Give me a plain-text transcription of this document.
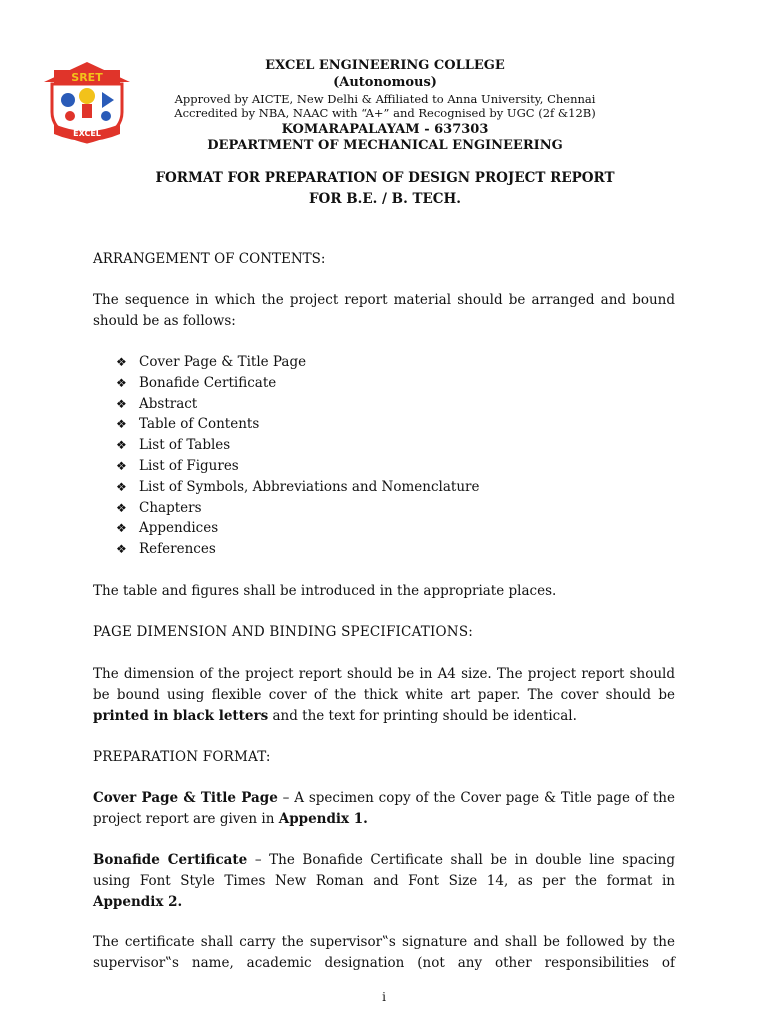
SRET
EXCEL

EXCEL ENGINEERING COLLEGE

(Autonomous)

Approved by AICTE, New Delhi & Affiliated to Anna University, Chennai

Accredited by NBA, NAAC with “A+” and Recognised by UGC (2f &12B)

KOMARAPALAYAM - 637303

DEPARTMENT OF MECHANICAL ENGINEERING

FORMAT FOR PREPARATION OF DESIGN PROJECT REPORT

FOR B.E. / B. TECH.

ARRANGEMENT OF CONTENTS:

The sequence in which the project report material should be arranged and bound should be as follows:

❖ Cover Page & Title Page
❖ Bonafide Certificate
❖ Abstract
❖ Table of Contents
❖ List of Tables
❖ List of Figures
❖ List of Symbols, Abbreviations and Nomenclature
❖ Chapters
❖ Appendices
❖ References

The table and figures shall be introduced in the appropriate places.

PAGE DIMENSION AND BINDING SPECIFICATIONS:

The dimension of the project report should be in A4 size. The project report should be bound using flexible cover of the thick white art paper. The cover should be printed in black letters and the text for printing should be identical.

PREPARATION FORMAT:

Cover Page & Title Page – A specimen copy of the Cover page & Title page of the project report are given in Appendix 1.

Bonafide Certificate – The Bonafide Certificate shall be in double line spacing using Font Style Times New Roman and Font Size 14, as per the format in Appendix 2.

The certificate shall carry the supervisor‟s signature and shall be followed by the supervisor‟s name, academic designation (not any other responsibilities of

i
